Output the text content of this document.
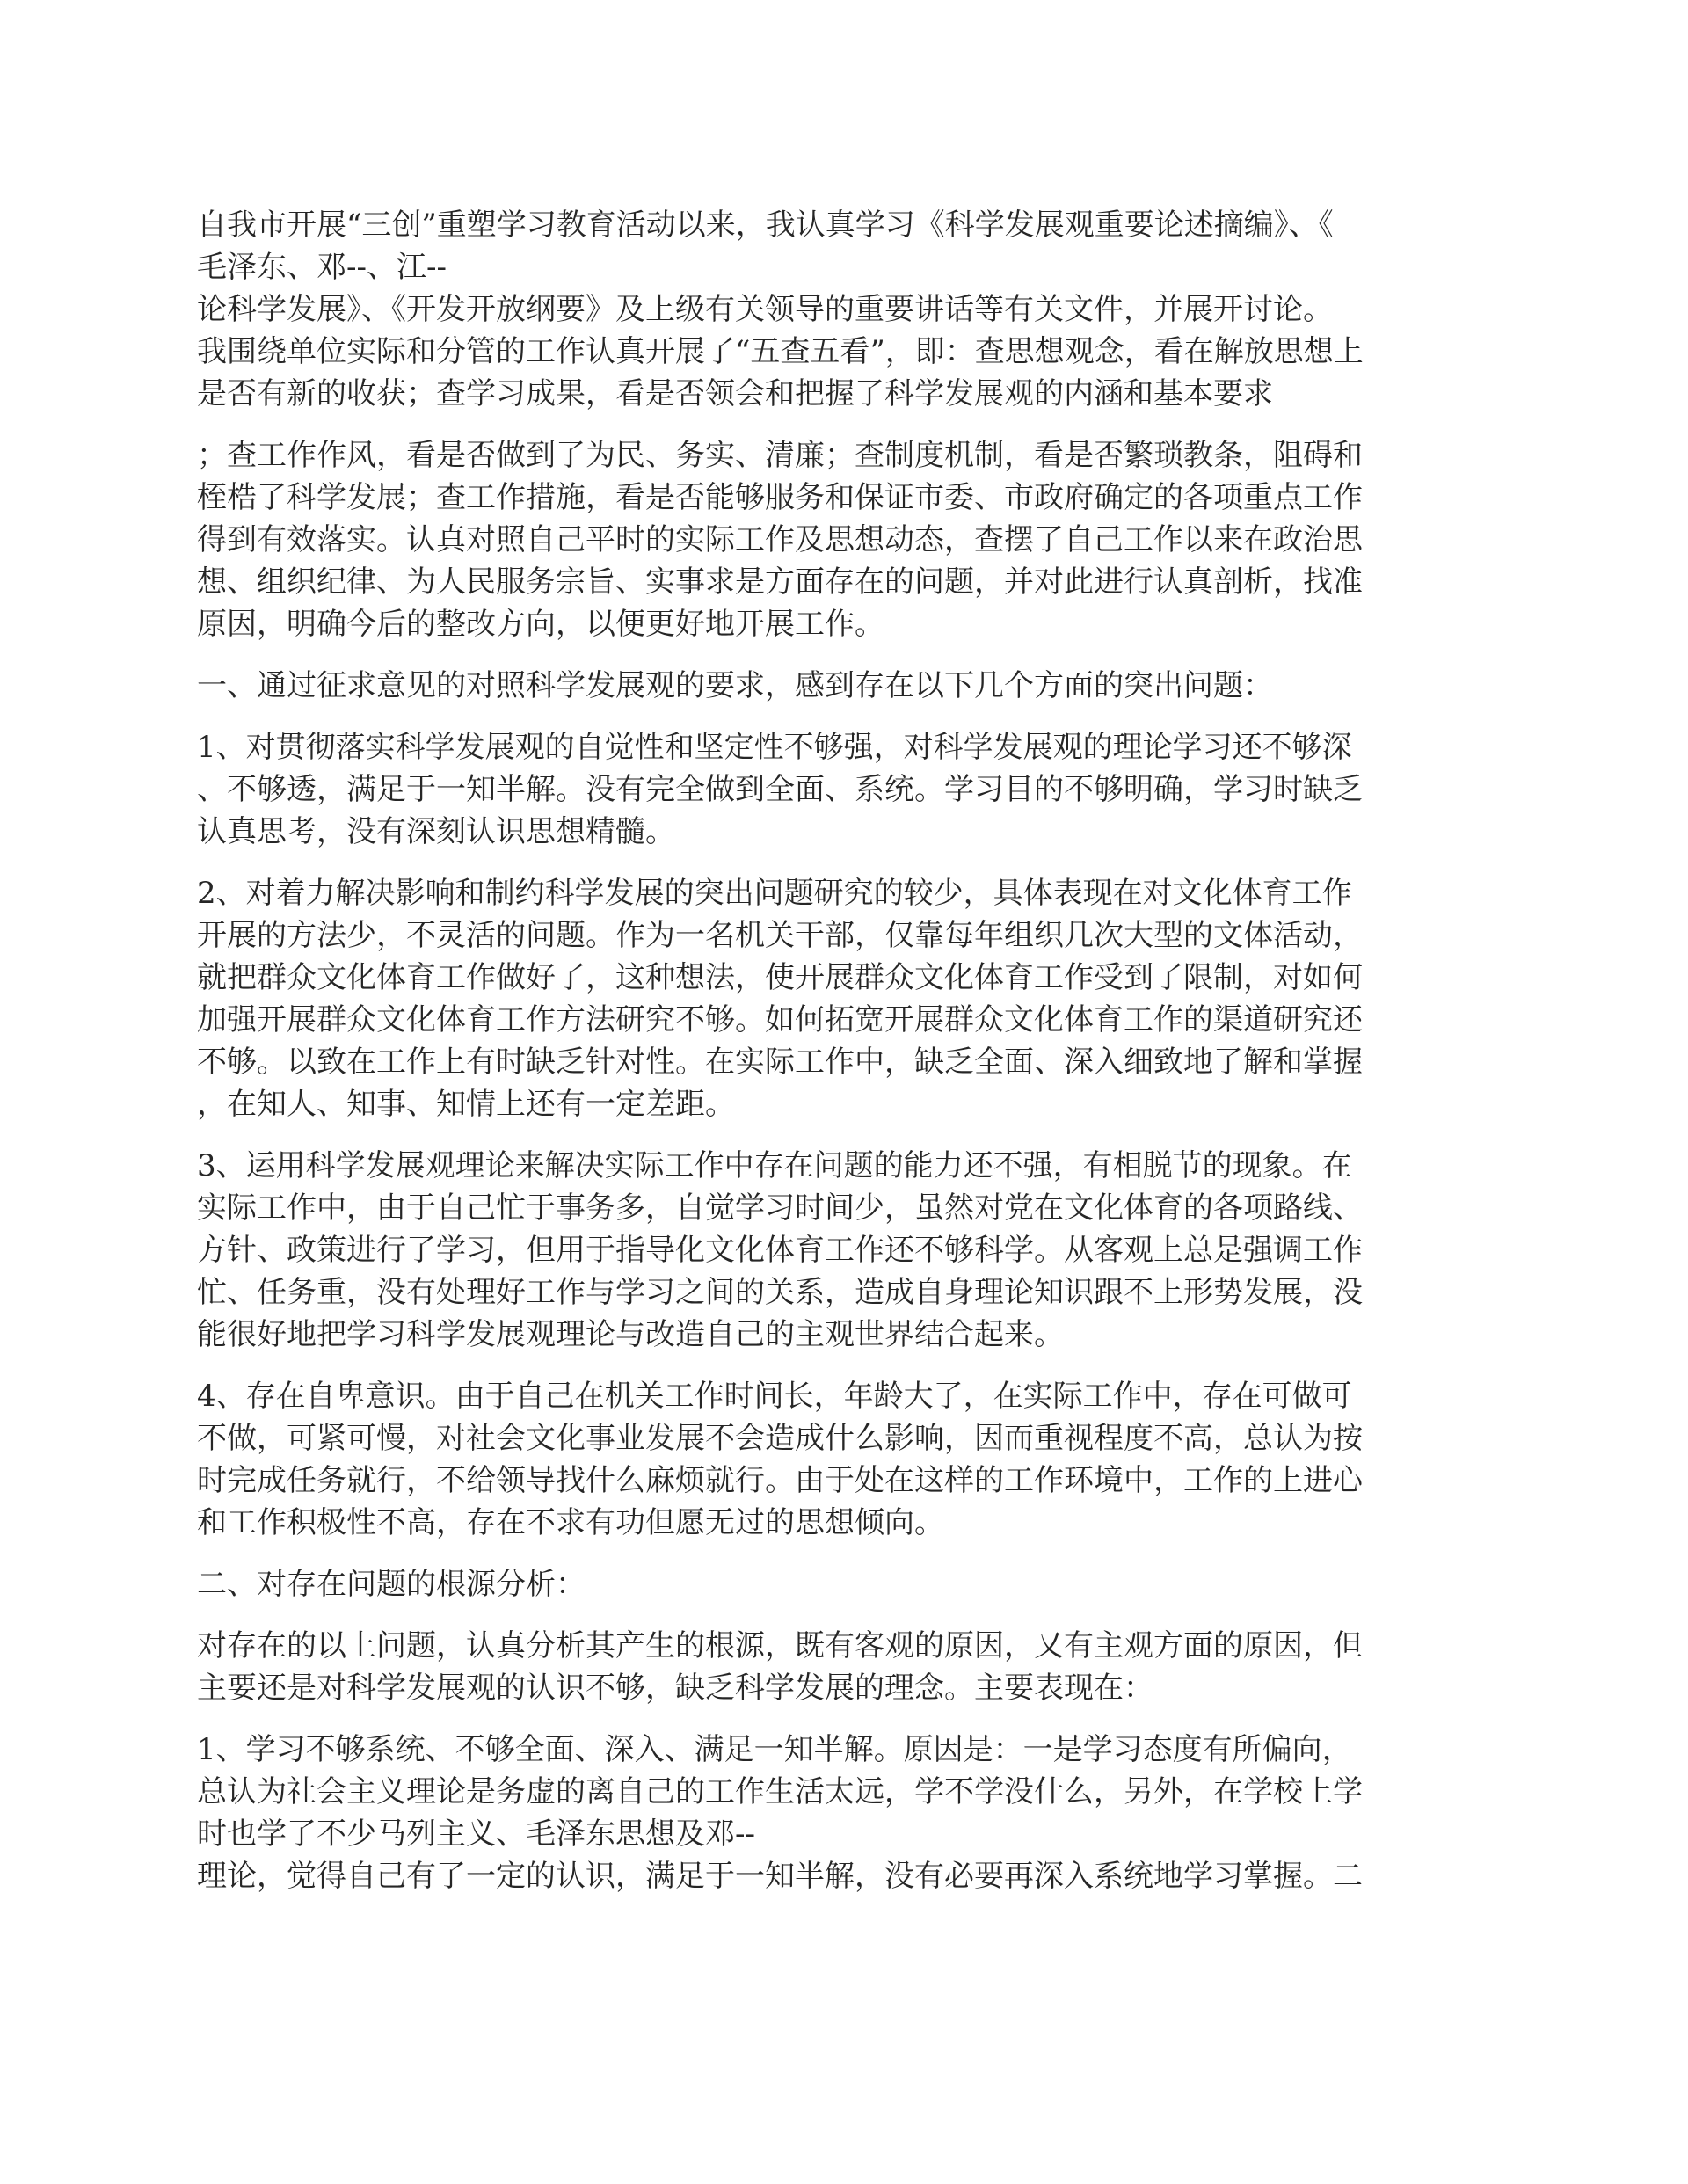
自我市开展“三创”重塑学习教育活动以来，我认真学习《科学发展观重要论述摘编》、《
毛泽东、邓--、江--
论科学发展》、《开发开放纲要》及上级有关领导的重要讲话等有关文件，并展开讨论。
我围绕单位实际和分管的工作认真开展了“五查五看”，即：查思想观念，看在解放思想上
是否有新的收获；查学习成果，看是否领会和把握了科学发展观的内涵和基本要求

；查工作作风，看是否做到了为民、务实、清廉；查制度机制，看是否繁琐教条，阻碍和
桎梏了科学发展；查工作措施，看是否能够服务和保证市委、市政府确定的各项重点工作
得到有效落实。认真对照自己平时的实际工作及思想动态，查摆了自己工作以来在政治思
想、组织纪律、为人民服务宗旨、实事求是方面存在的问题，并对此进行认真剖析，找准
原因，明确今后的整改方向，以便更好地开展工作。

一、通过征求意见的对照科学发展观的要求，感到存在以下几个方面的突出问题：

1、对贯彻落实科学发展观的自觉性和坚定性不够强，对科学发展观的理论学习还不够深
、不够透，满足于一知半解。没有完全做到全面、系统。学习目的不够明确，学习时缺乏
认真思考，没有深刻认识思想精髓。

2、对着力解决影响和制约科学发展的突出问题研究的较少，具体表现在对文化体育工作
开展的方法少，不灵活的问题。作为一名机关干部，仅靠每年组织几次大型的文体活动，
就把群众文化体育工作做好了，这种想法，使开展群众文化体育工作受到了限制，对如何
加强开展群众文化体育工作方法研究不够。如何拓宽开展群众文化体育工作的渠道研究还
不够。以致在工作上有时缺乏针对性。在实际工作中，缺乏全面、深入细致地了解和掌握
，在知人、知事、知情上还有一定差距。

3、运用科学发展观理论来解决实际工作中存在问题的能力还不强，有相脱节的现象。在
实际工作中，由于自己忙于事务多，自觉学习时间少，虽然对党在文化体育的各项路线、
方针、政策进行了学习，但用于指导化文化体育工作还不够科学。从客观上总是强调工作
忙、任务重，没有处理好工作与学习之间的关系，造成自身理论知识跟不上形势发展，没
能很好地把学习科学发展观理论与改造自己的主观世界结合起来。

4、存在自卑意识。由于自己在机关工作时间长，年龄大了，在实际工作中，存在可做可
不做，可紧可慢，对社会文化事业发展不会造成什么影响，因而重视程度不高，总认为按
时完成任务就行，不给领导找什么麻烦就行。由于处在这样的工作环境中，工作的上进心
和工作积极性不高，存在不求有功但愿无过的思想倾向。

二、对存在问题的根源分析：

对存在的以上问题，认真分析其产生的根源，既有客观的原因，又有主观方面的原因，但
主要还是对科学发展观的认识不够，缺乏科学发展的理念。主要表现在：

1、学习不够系统、不够全面、深入、满足一知半解。原因是：一是学习态度有所偏向，
总认为社会主义理论是务虚的离自己的工作生活太远，学不学没什么，另外，在学校上学
时也学了不少马列主义、毛泽东思想及邓--
理论，觉得自己有了一定的认识，满足于一知半解，没有必要再深入系统地学习掌握。二
